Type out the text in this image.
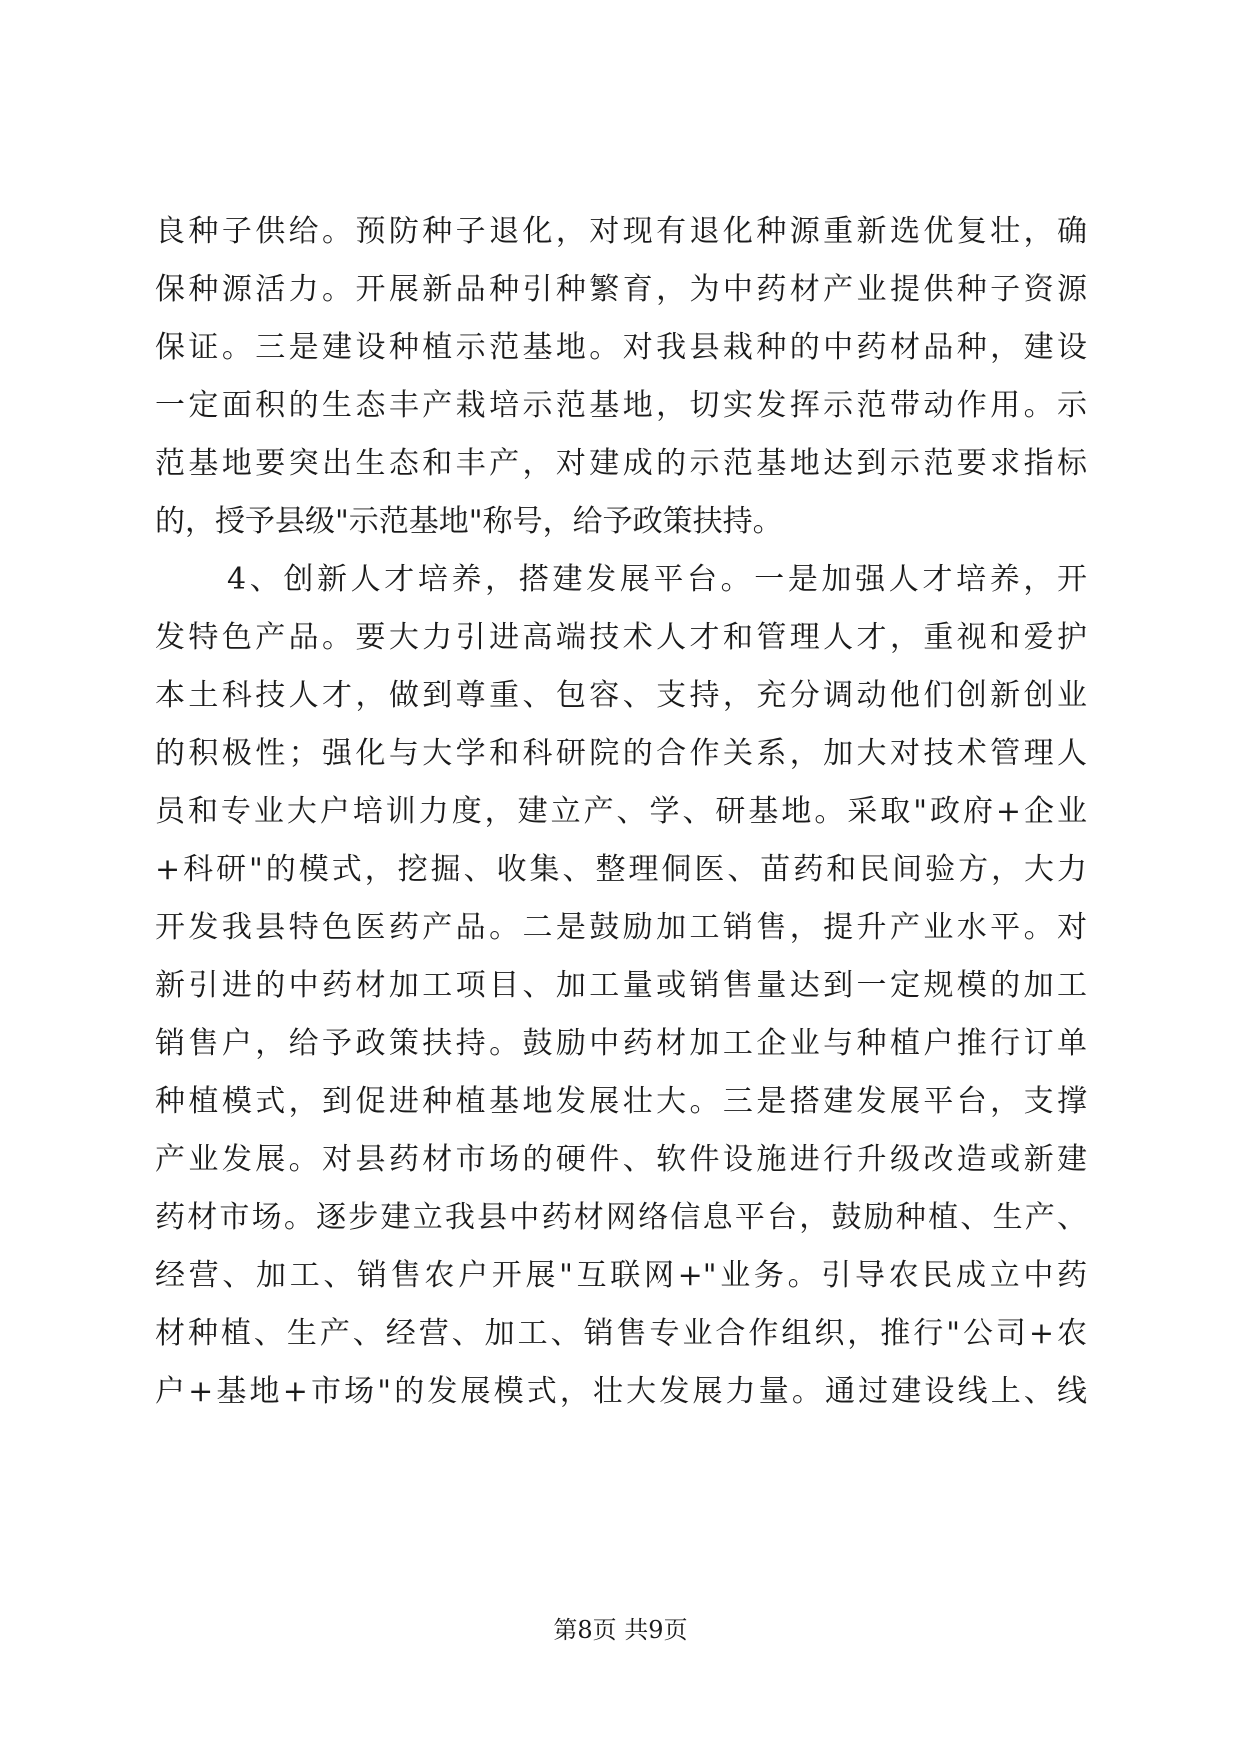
良种子供给。预防种子退化，对现有退化种源重新选优复壮，确
保种源活力。开展新品种引种繁育，为中药材产业提供种子资源
保证。三是建设种植示范基地。对我县栽种的中药材品种，建设
一定面积的生态丰产栽培示范基地，切实发挥示范带动作用。示
范基地要突出生态和丰产，对建成的示范基地达到示范要求指标
的，授予县级"示范基地"称号，给予政策扶持。
4、创新人才培养，搭建发展平台。一是加强人才培养，开
发特色产品。要大力引进高端技术人才和管理人才，重视和爱护
本土科技人才，做到尊重、包容、支持，充分调动他们创新创业
的积极性；强化与大学和科研院的合作关系，加大对技术管理人
员和专业大户培训力度，建立产、学、研基地。采取"政府+企业
+科研"的模式，挖掘、收集、整理侗医、苗药和民间验方，大力
开发我县特色医药产品。二是鼓励加工销售，提升产业水平。对
新引进的中药材加工项目、加工量或销售量达到一定规模的加工
销售户，给予政策扶持。鼓励中药材加工企业与种植户推行订单
种植模式，到促进种植基地发展壮大。三是搭建发展平台，支撑
产业发展。对县药材市场的硬件、软件设施进行升级改造或新建
药材市场。逐步建立我县中药材网络信息平台，鼓励种植、生产、
经营、加工、销售农户开展"互联网+"业务。引导农民成立中药
材种植、生产、经营、加工、销售专业合作组织，推行"公司+农
户+基地+市场"的发展模式，壮大发展力量。通过建设线上、线
第8页 共9页
